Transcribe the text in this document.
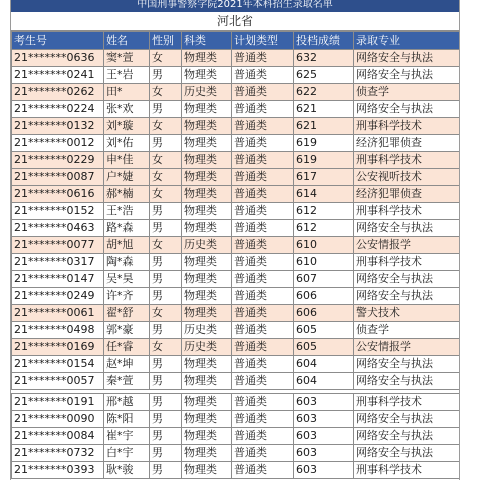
中国刑事警察学院2021年本科招生录取名单
河北省
考生号	姓名	性别	科类	计划类型	投档成绩	录取专业
21*******0636	窦*萱	女	物理类	普通类	632	网络安全与执法
21*******0241	王*岩	男	物理类	普通类	625	网络安全与执法
21*******0262	田*	女	历史类	普通类	622	侦查学
21*******0224	张*欢	男	物理类	普通类	621	网络安全与执法
21*******0132	刘*璇	女	物理类	普通类	621	刑事科学技术
21*******0012	刘*佑	男	物理类	普通类	619	经济犯罪侦查
21*******0229	申*佳	女	物理类	普通类	619	刑事科学技术
21*******0087	户*婕	女	物理类	普通类	617	公安视听技术
21*******0616	郝*楠	女	物理类	普通类	614	经济犯罪侦查
21*******0152	王*浩	男	物理类	普通类	612	刑事科学技术
21*******0463	路*森	男	物理类	普通类	612	网络安全与执法
21*******0077	胡*旭	女	历史类	普通类	610	公安情报学
21*******0317	陶*森	男	物理类	普通类	610	刑事科学技术
21*******0147	吴*昊	男	物理类	普通类	607	网络安全与执法
21*******0249	许*齐	男	物理类	普通类	606	网络安全与执法
21*******0061	翟*舒	女	物理类	普通类	606	警犬技术
21*******0498	郭*豪	男	历史类	普通类	605	侦查学
21*******0169	任*睿	女	历史类	普通类	605	公安情报学
21*******0154	赵*坤	男	物理类	普通类	604	网络安全与执法
21*******0057	秦*萱	男	物理类	普通类	604	网络安全与执法

21*******0191	邢*越	男	物理类	普通类	603	刑事科学技术
21*******0090	陈*阳	男	物理类	普通类	603	网络安全与执法
21*******0084	崔*宇	男	物理类	普通类	603	网络安全与执法
21*******0732	白*宇	男	物理类	普通类	603	网络安全与执法
21*******0393	耿*骏	男	物理类	普通类	603	刑事科学技术
